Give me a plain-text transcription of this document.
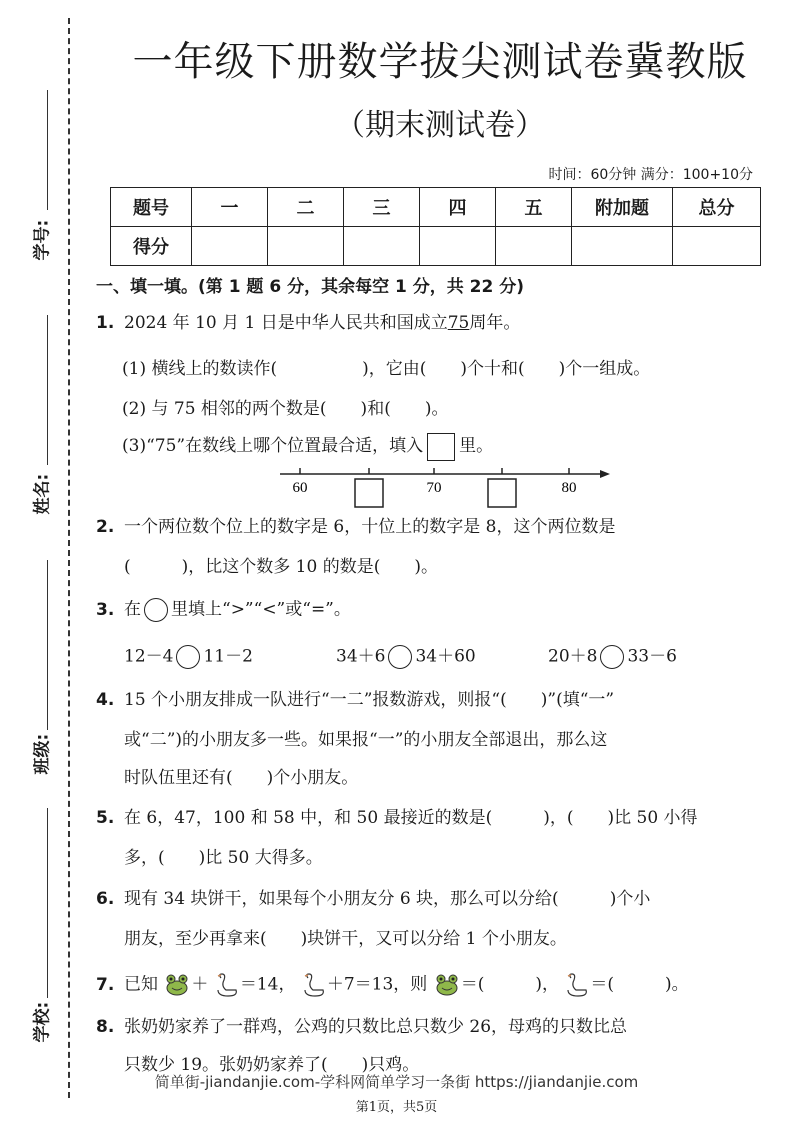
学号:
姓名:
班级:
学校:
一年级下册数学拔尖测试卷冀教版
（期末测试卷）
时间：60分钟 满分：100+10分
题号	一	二	三	四	五	附加题	总分
得分							
一、填一填。(第 1 题 6 分，其余每空 1 分，共 22 分)
1. 2024 年 10 月 1 日是中华人民共和国成立75周年。
(1) 横线上的数读作(　　　　　)，它由(　　)个十和(　　)个一组成。
(2) 与 75 相邻的两个数是(　　)和(　　)。
(3)“75”在数线上哪个位置最合适，填入 里。
60	70	80
2. 一个两位数个位上的数字是 6，十位上的数字是 8，这个两位数是
(　　　)，比这个数多 10 的数是(　　)。
3. 在 里填上“>”“<”或“=”。
12－4 11－2	34＋6 34＋60	20＋8 33－6
4. 15 个小朋友排成一队进行“一二”报数游戏，则报“(　　)”(填“一”
或“二”)的小朋友多一些。如果报“一”的小朋友全部退出，那么这
时队伍里还有(　　)个小朋友。
5. 在 6，47，100 和 58 中，和 50 最接近的数是(　　　)，(　　)比 50 小得
多，(　　)比 50 大得多。
6. 现有 34 块饼干，如果每个小朋友分 6 块，那么可以分给(　　　)个小
朋友，至少再拿来(　　)块饼干，又可以分给 1 个小朋友。
7. 已知 ＋ ＝14， ＋7＝13，则 ＝(　　　)， ＝(　　　)。
8. 张奶奶家养了一群鸡，公鸡的只数比总只数少 26，母鸡的只数比总
只数少 19。张奶奶家养了(　　)只鸡。
简单街-jiandanjie.com-学科网简单学习一条街 https://jiandanjie.com
第1页，共5页
